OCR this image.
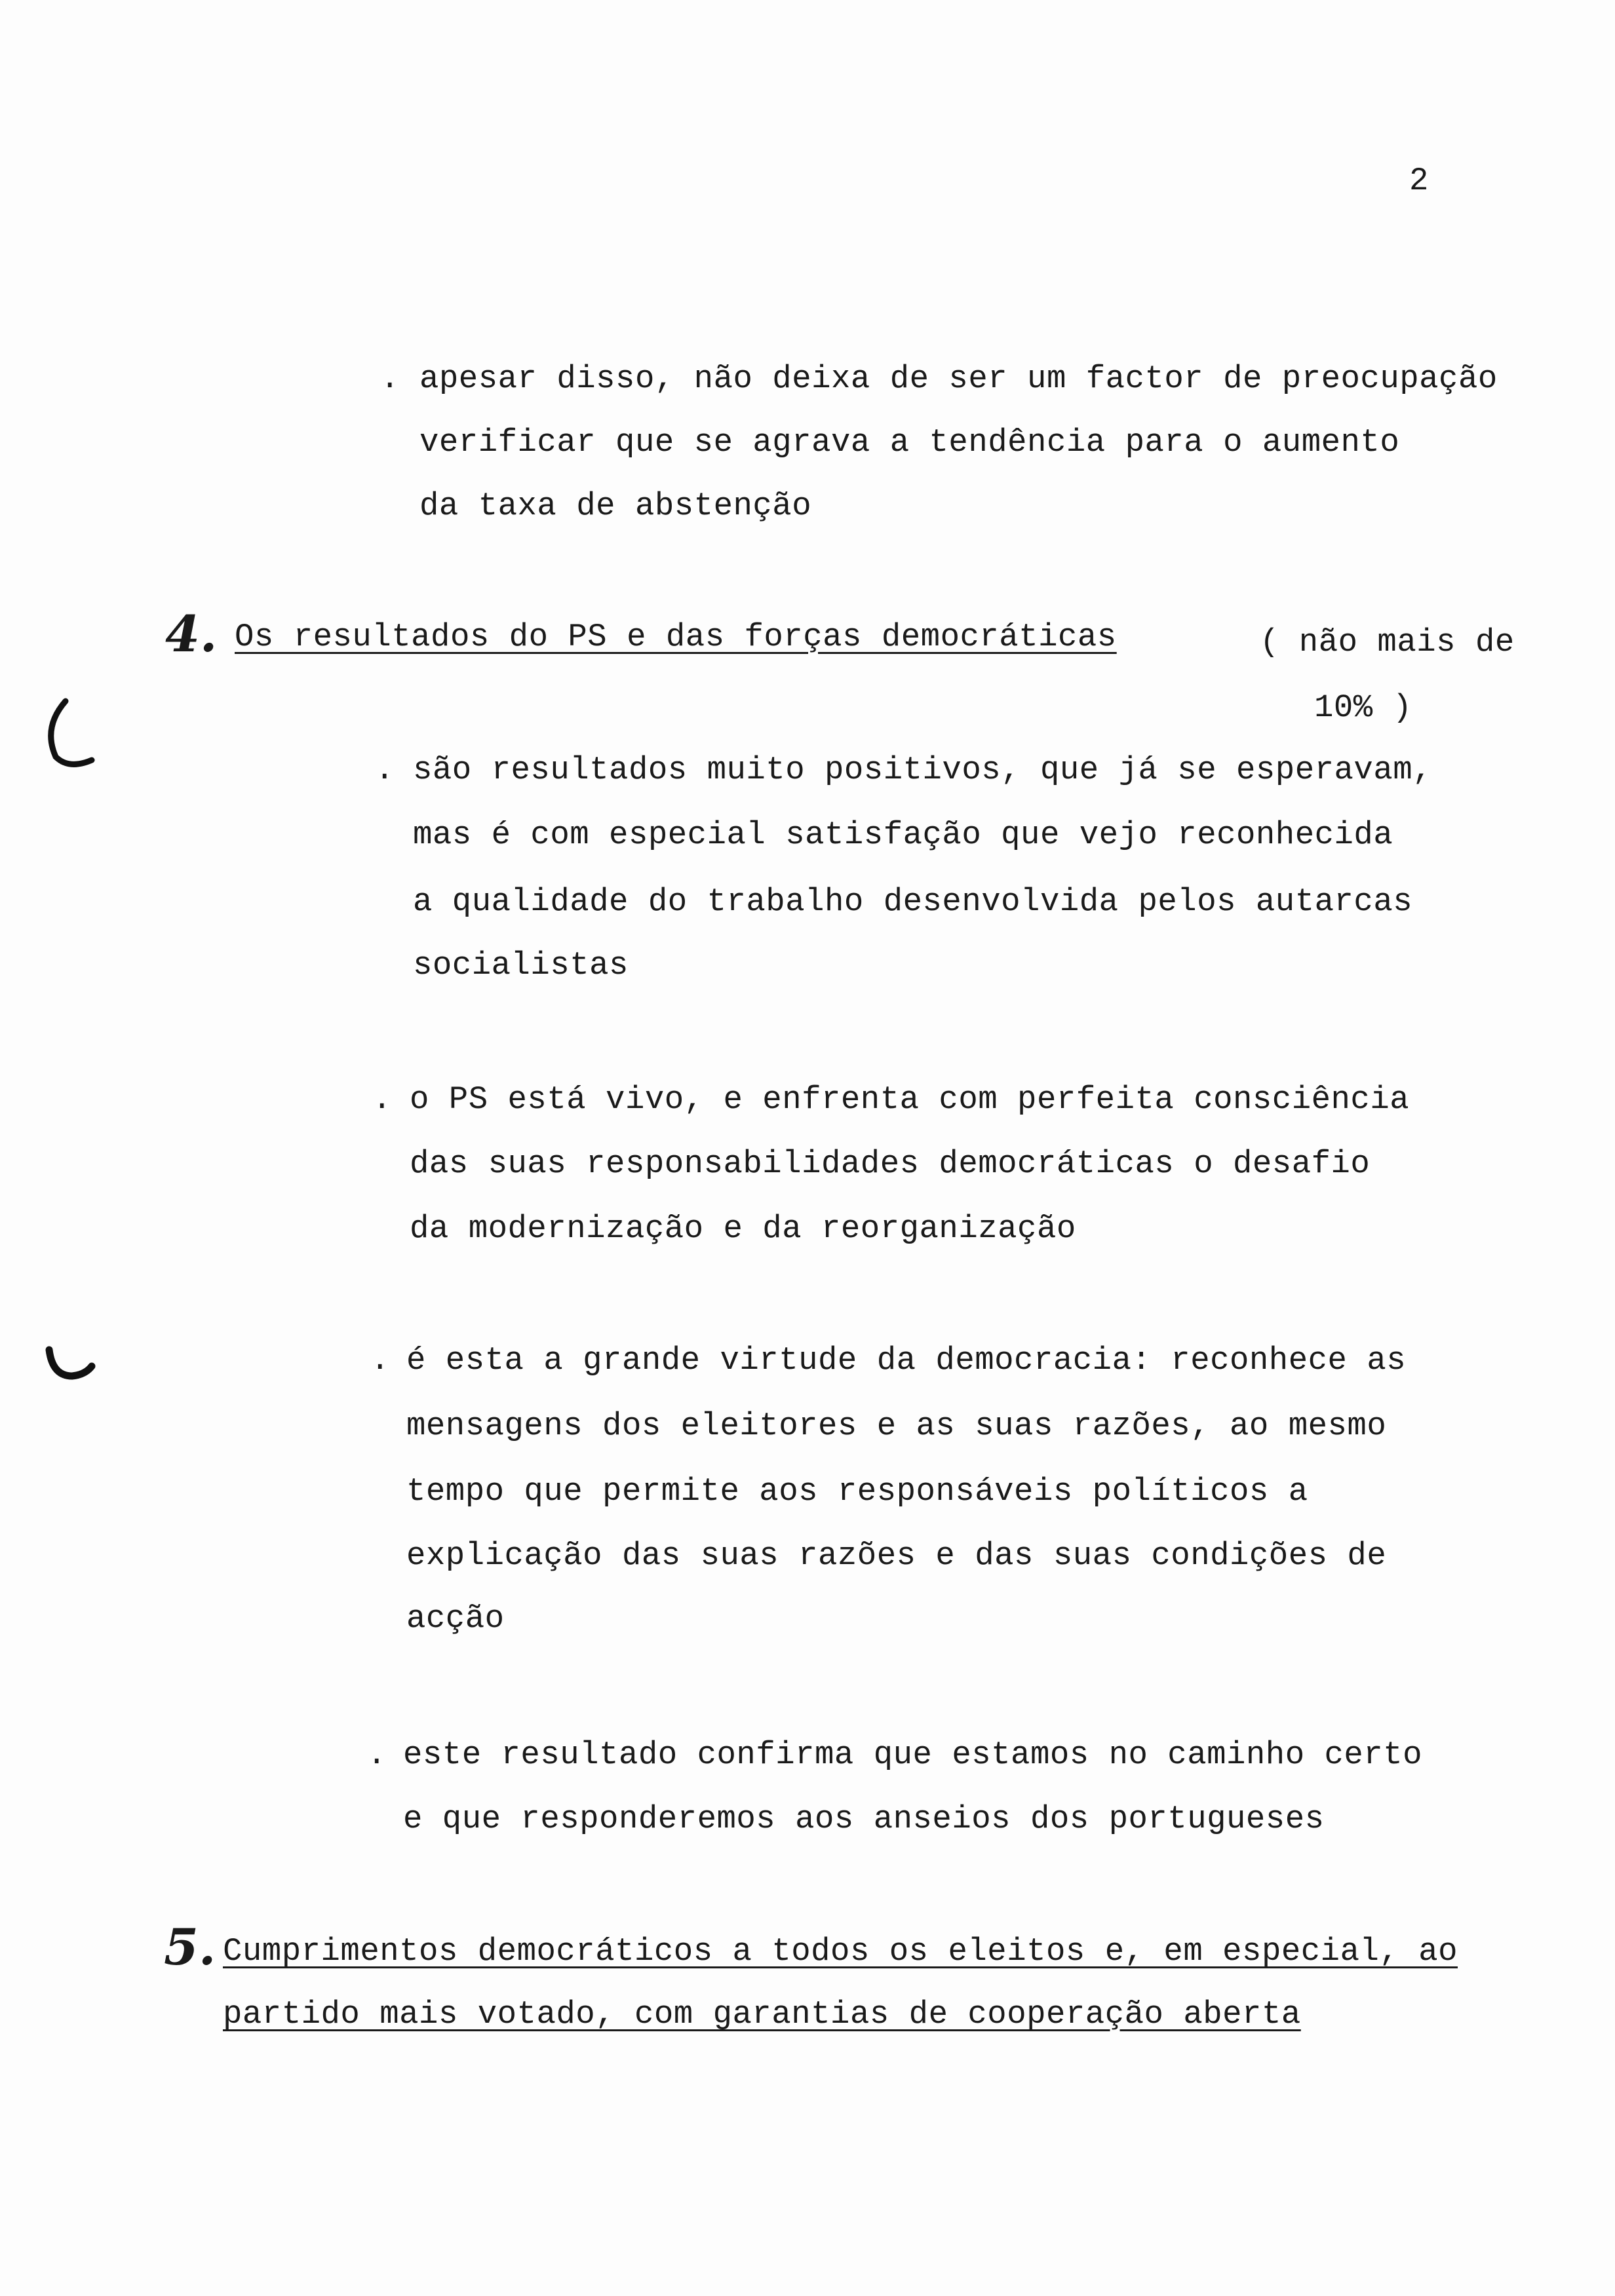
2
. apesar disso, não deixa de ser um factor de preocupação
verificar que se agrava a tendência para o aumento
da taxa de abstenção
4. Os resultados do PS e das forças democráticas	( não mais de
10% )
. são resultados muito positivos, que já se esperavam,
mas é com especial satisfação que vejo reconhecida
a qualidade do trabalho desenvolvida pelos autarcas
socialistas
. o PS está vivo, e enfrenta com perfeita consciência
das suas responsabilidades democráticas o desafio
da modernização e da reorganização
. é esta a grande virtude da democracia: reconhece as
mensagens dos eleitores e as suas razões, ao mesmo
tempo que permite aos responsáveis políticos a
explicação das suas razões e das suas condições de
acção
. este resultado confirma que estamos no caminho certo
e que responderemos aos anseios dos portugueses
5. Cumprimentos democráticos a todos os eleitos e, em especial, ao
partido mais votado, com garantias de cooperação aberta
